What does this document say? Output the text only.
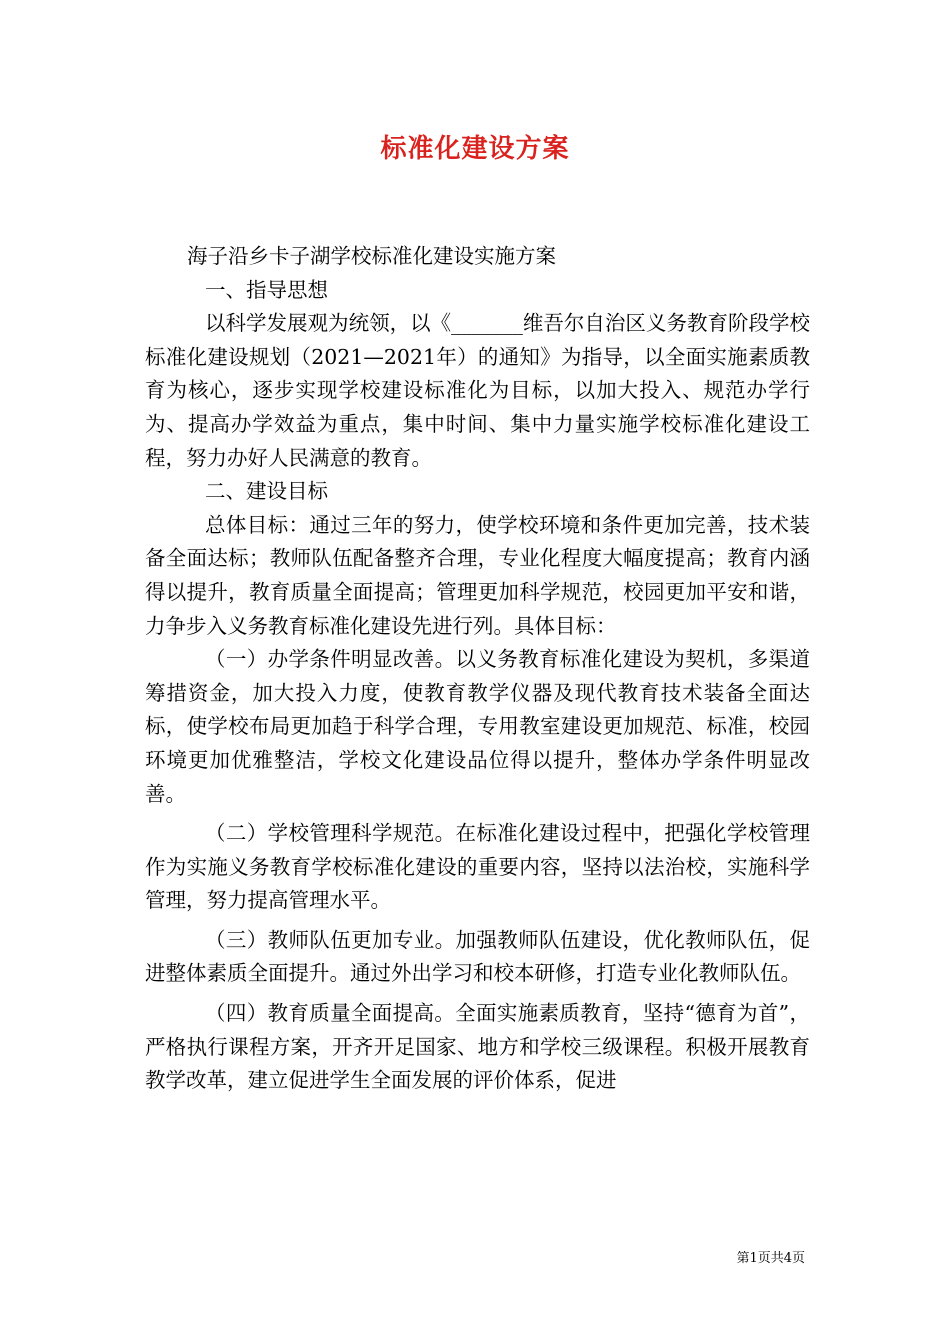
标准化建设方案

海子沿乡卡子湖学校标准化建设实施方案

一、指导思想

以科学发展观为统领，以《_______维吾尔自治区义务教育阶段学校标准化建设规划（2021—2021年）的通知》为指导，以全面实施素质教育为核心，逐步实现学校建设标准化为目标，以加大投入、规范办学行为、提高办学效益为重点，集中时间、集中力量实施学校标准化建设工程，努力办好人民满意的教育。

二、建设目标

总体目标：通过三年的努力，使学校环境和条件更加完善，技术装备全面达标；教师队伍配备整齐合理，专业化程度大幅度提高；教育内涵得以提升，教育质量全面提高；管理更加科学规范，校园更加平安和谐，力争步入义务教育标准化建设先进行列。具体目标：

（一）办学条件明显改善。以义务教育标准化建设为契机，多渠道筹措资金，加大投入力度，使教育教学仪器及现代教育技术装备全面达标，使学校布局更加趋于科学合理，专用教室建设更加规范、标准，校园环境更加优雅整洁，学校文化建设品位得以提升，整体办学条件明显改善。

（二）学校管理科学规范。在标准化建设过程中，把强化学校管理作为实施义务教育学校标准化建设的重要内容，坚持以法治校，实施科学管理，努力提高管理水平。

（三）教师队伍更加专业。加强教师队伍建设，优化教师队伍，促进整体素质全面提升。通过外出学习和校本研修，打造专业化教师队伍。

（四）教育质量全面提高。全面实施素质教育，坚持“德育为首”，严格执行课程方案，开齐开足国家、地方和学校三级课程。积极开展教育教学改革，建立促进学生全面发展的评价体系，促进

第1页共4页
